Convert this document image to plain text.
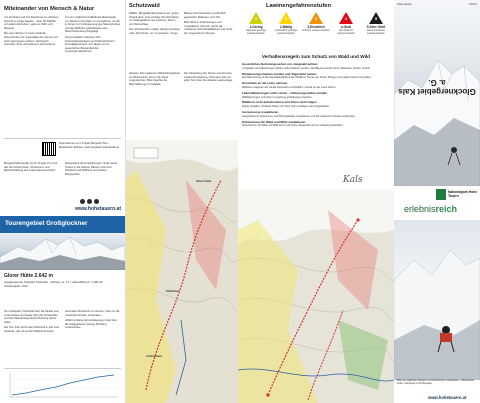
Miteinander von Mensch & Natur

Um die Natur und ihre Bewohner zu schützen, braucht es einige Regeln – aber die Mithilfe von jedem Einzelnen, seien es Wild- und Respekt.

Bei einer Skitour im freien Gelände überschreiten wir regelmäßig die Grenze und sind Lebensraum anderer, ökologisch wertvoller Tiere und seltener Lebensräume.

Um ein möglichst konfliktfreies Miteinander von Mensch und Natur zu ermöglichen, wurde in Zonen zur Verbesserung des Naturschutzes und der Wildruhe gebietsweise eine Besucherlenkung festgelegt.

Kommunikation zwischen den Schutzgebietsträgern und Naturschützern, Grundeigentümern und Jägern ist ein wesentlicher Bestandteil der Lenkungsmaßnahmen.

Informationen zum Projekt Bergwelt Tirol – Miteinander Erleben: www.bergwelt-miteinander.at

Bergwelt Miteinander ist ein Projekt von Tirol, das die Schutzzonen, Ruhezonen und Bewirtschaftung des Lebensraumes fördert.

Respektiere die Empfehlungen, lenke deine Touren in die offenen Räume und nimm Rücksicht auf Wildtiere und andere Bergsportler.

www.hohetauern.at
Tourengebiet Großglockner
Glorer Hütte 2.642 m
Ausgangspunkt: Parkplatz Ködnitztal · Aufstieg: ca. 3 h · Höhendifferenz: 1.180 Hm · Schwierigkeit: mittel

Vom Parkplatz Ködnitztal über die Straße zum Lucknerhaus und weiter über die Forststraße und den Wanderweg hinauf Richtung Glorer Hütte.

Die Tour führt durch das Ködnitztal in das freie Gelände. Hier ist auf die Wildschutzzonen besonders Rücksicht zu nehmen, bitte nur die markierten Routen verwenden.

Abfahrt entlang der Aufstiegsspur oder über die freigegebenen Hänge Richtung Lucknerhaus.

Schutzwald

Wälder, Bergwald-Ökosysteme als „grüne Infrastruktur“ eine wichtige Schutzfunktion vor Naturgefahren wie Lawinen, Muren und Steinschlag.

Der Schutzwald in steilen Hängen benötigt viele Jahrzehnte, um zu wachsen. Junge Bäume sind besonders empfindlich gegenüber Skikanten und Tritt.

Bitte fahre in Aufforstungen und Jungwäldern nicht ab, meide die markierten Schutzwaldflächen und nutze die vorgesehenen Routen.

Hinweis: Die markierten Wildschutzgebiete und Ruhezonen sind in der Karte eingezeichnet. Bitte beachte die Beschilderung im Gelände.

Die Darstellung der Touren ersetzt keine Lawinenbeurteilung. Informiere dich vor jeder Tour über die aktuelle Lawinenlage.

Glorer Hütte
Lucknerhaus
Ködnitztal
Lawinengefahrenstufen
1
1-Gering
allgemein günstige Lawinensituation
2
2-Mäßig
mehrheitlich günstige Lawinensituation
3
3-Erheblich
kritische Lawinensituation
4
4-Groß
sehr kritische Lawinensituation
5
5-Sehr Groß
außerordentliche Lawinensituation
Verhaltensregeln zum Schutz von Wald und Wild
Gesetzliches Betretungsverbot von Jungwald achten
Jungwald und Aufforstungen dürfen nicht befahren werden. Die Bäume werden durch Skikanten schwer verletzt.
Dämmerungsstunden meiden und Tageslicht nutzen
Die Dämmerung ist die Hauptaktivitätszeit der Wildtiere. Touren am frühen Morgen und späten Abend vermeiden.
Hund bitte an die Leine nehmen
Wildtiere reagieren auf Hunde besonders empfindlich. Hunde an der Leine führen.
Lebendfütterungen nicht stören – Fütterungsstellen meiden
Wildfütterungen und deren Umgebung großräumig umgehen.
Wildtiere nicht aufscheuchen und ihnen nicht folgen
Ruhig verhalten, Abstand halten und Tiere nicht verfolgen oder fotografieren.
Ausweisung respektieren
Ausgewiesene Ruhezonen und Schutzgebiete respektieren und die markierten Routen verwenden.
Schutzzonen für Wald und Wild respektieren
Schutzzonen für Wald und Wild sind in der Karte dargestellt und im Gelände beschildert.
Kals
Nationalpark	Osttirol
Glocknergebiet Kals a. G.
Nationalpark Hohe Tauern
erlebnisreich
Bitte die markierten Routen und Schutzzonen respektieren – Miteinander sicher unterwegs in der Bergwelt.
www.hohetauern.at
